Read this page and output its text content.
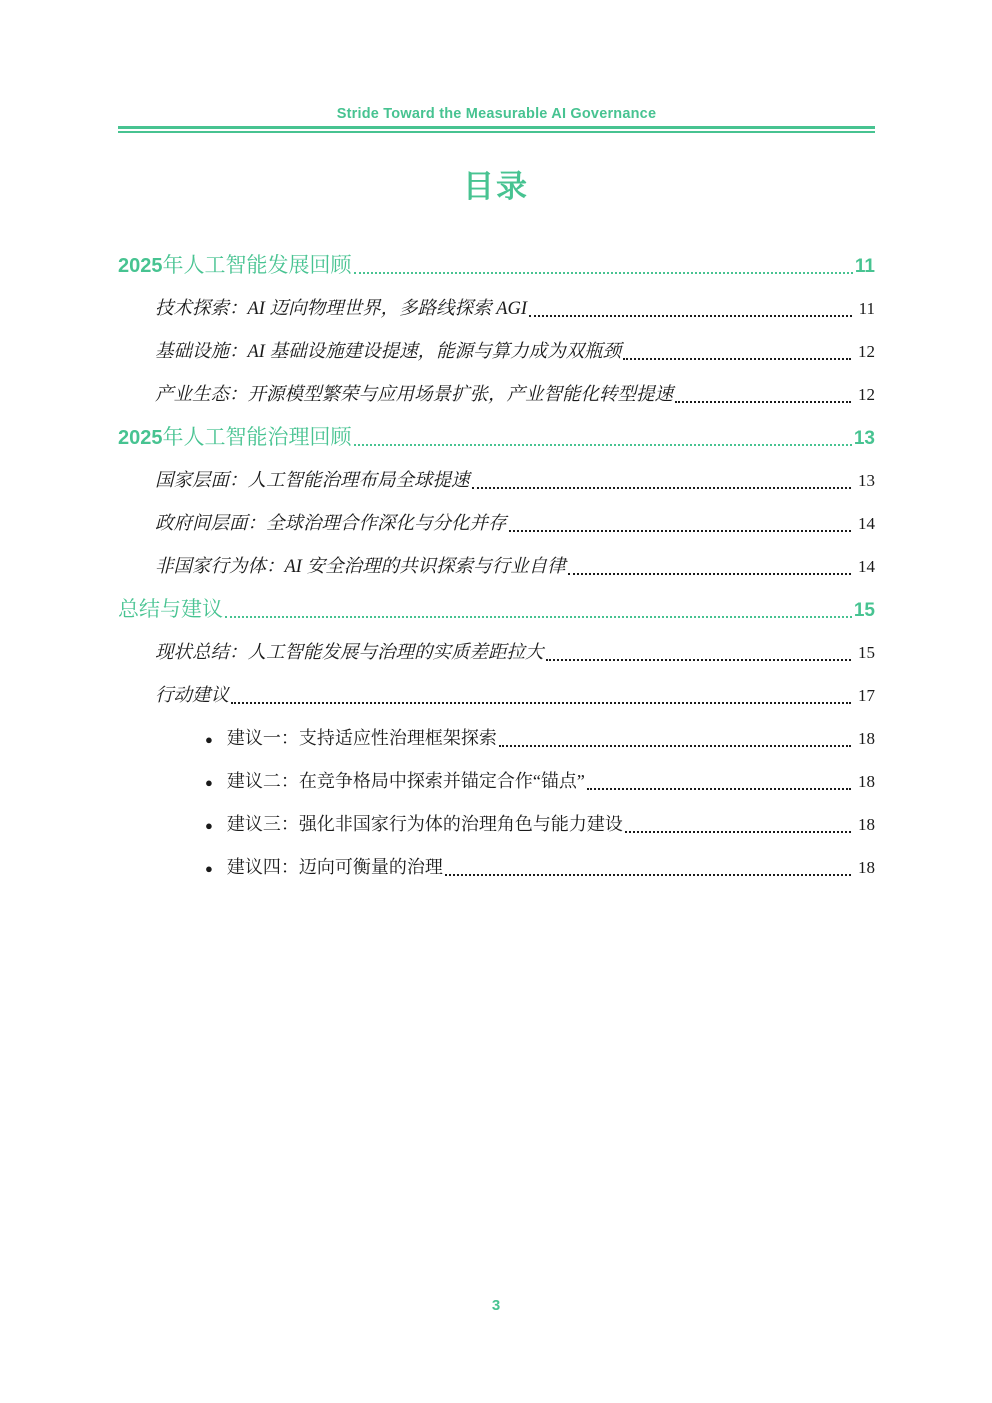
Stride Toward the Measurable AI Governance
目录
2025 年人工智能发展回顾	11
技术探索：AI 迈向物理世界，多路线探索 AGI	11
基础设施：AI 基础设施建设提速，能源与算力成为双瓶颈	12
产业生态：开源模型繁荣与应用场景扩张，产业智能化转型提速	12
2025 年人工智能治理回顾	13
国家层面：人工智能治理布局全球提速	13
政府间层面：全球治理合作深化与分化并存	14
非国家行为体：AI 安全治理的共识探索与行业自律	14
总结与建议	15
现状总结：人工智能发展与治理的实质差距拉大	15
行动建议	17
● 建议一：支持适应性治理框架探索	18
● 建议二：在竞争格局中探索并锚定合作“锚点”	18
● 建议三：强化非国家行为体的治理角色与能力建设	18
● 建议四：迈向可衡量的治理	18
3
